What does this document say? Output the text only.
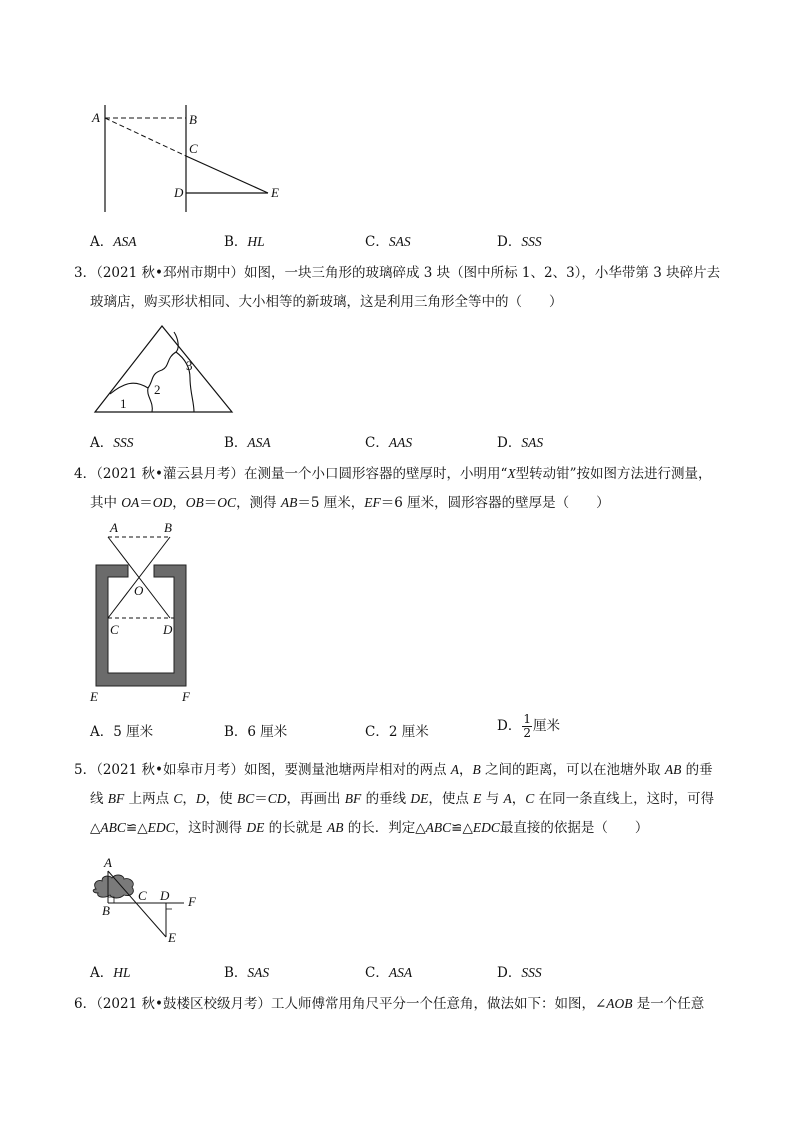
A	B
C
D	E
A．ASA	B．HL	C．SAS	D．SSS
3．（2021 秋•邳州市期中）如图，一块三角形的玻璃碎成 3 块（图中所标 1、2、3），小华带第 3 块碎片去
玻璃店，购买形状相同、大小相等的新玻璃，这是利用三角形全等中的（　　）
1
2
3
A．SSS	B．ASA	C．AAS	D．SAS
4．（2021 秋•灌云县月考）在测量一个小口圆形容器的壁厚时，小明用“X型转动钳”按如图方法进行测量，
其中 OA＝OD，OB＝OC，测得 AB＝5 厘米，EF＝6 厘米，圆形容器的壁厚是（　　）
A	B
O
C	D
E	F
A．5 厘米	B．6 厘米	C．2 厘米	D． $\frac{1}{2}$ 厘米
5．（2021 秋•如皋市月考）如图，要测量池塘两岸相对的两点 A，B 之间的距离，可以在池塘外取 AB 的垂
线 BF 上两点 C，D，使 BC＝CD，再画出 BF 的垂线 DE，使点 E 与 A，C 在同一条直线上，这时，可得
△ABC≌△EDC，这时测得 DE 的长就是 AB 的长．判定△ABC≌△EDC最直接的依据是（　　）
A
B
C D F
E
A．HL	B．SAS	C．ASA	D．SSS
6．（2021 秋•鼓楼区校级月考）工人师傅常用角尺平分一个任意角，做法如下：如图，∠AOB 是一个任意
